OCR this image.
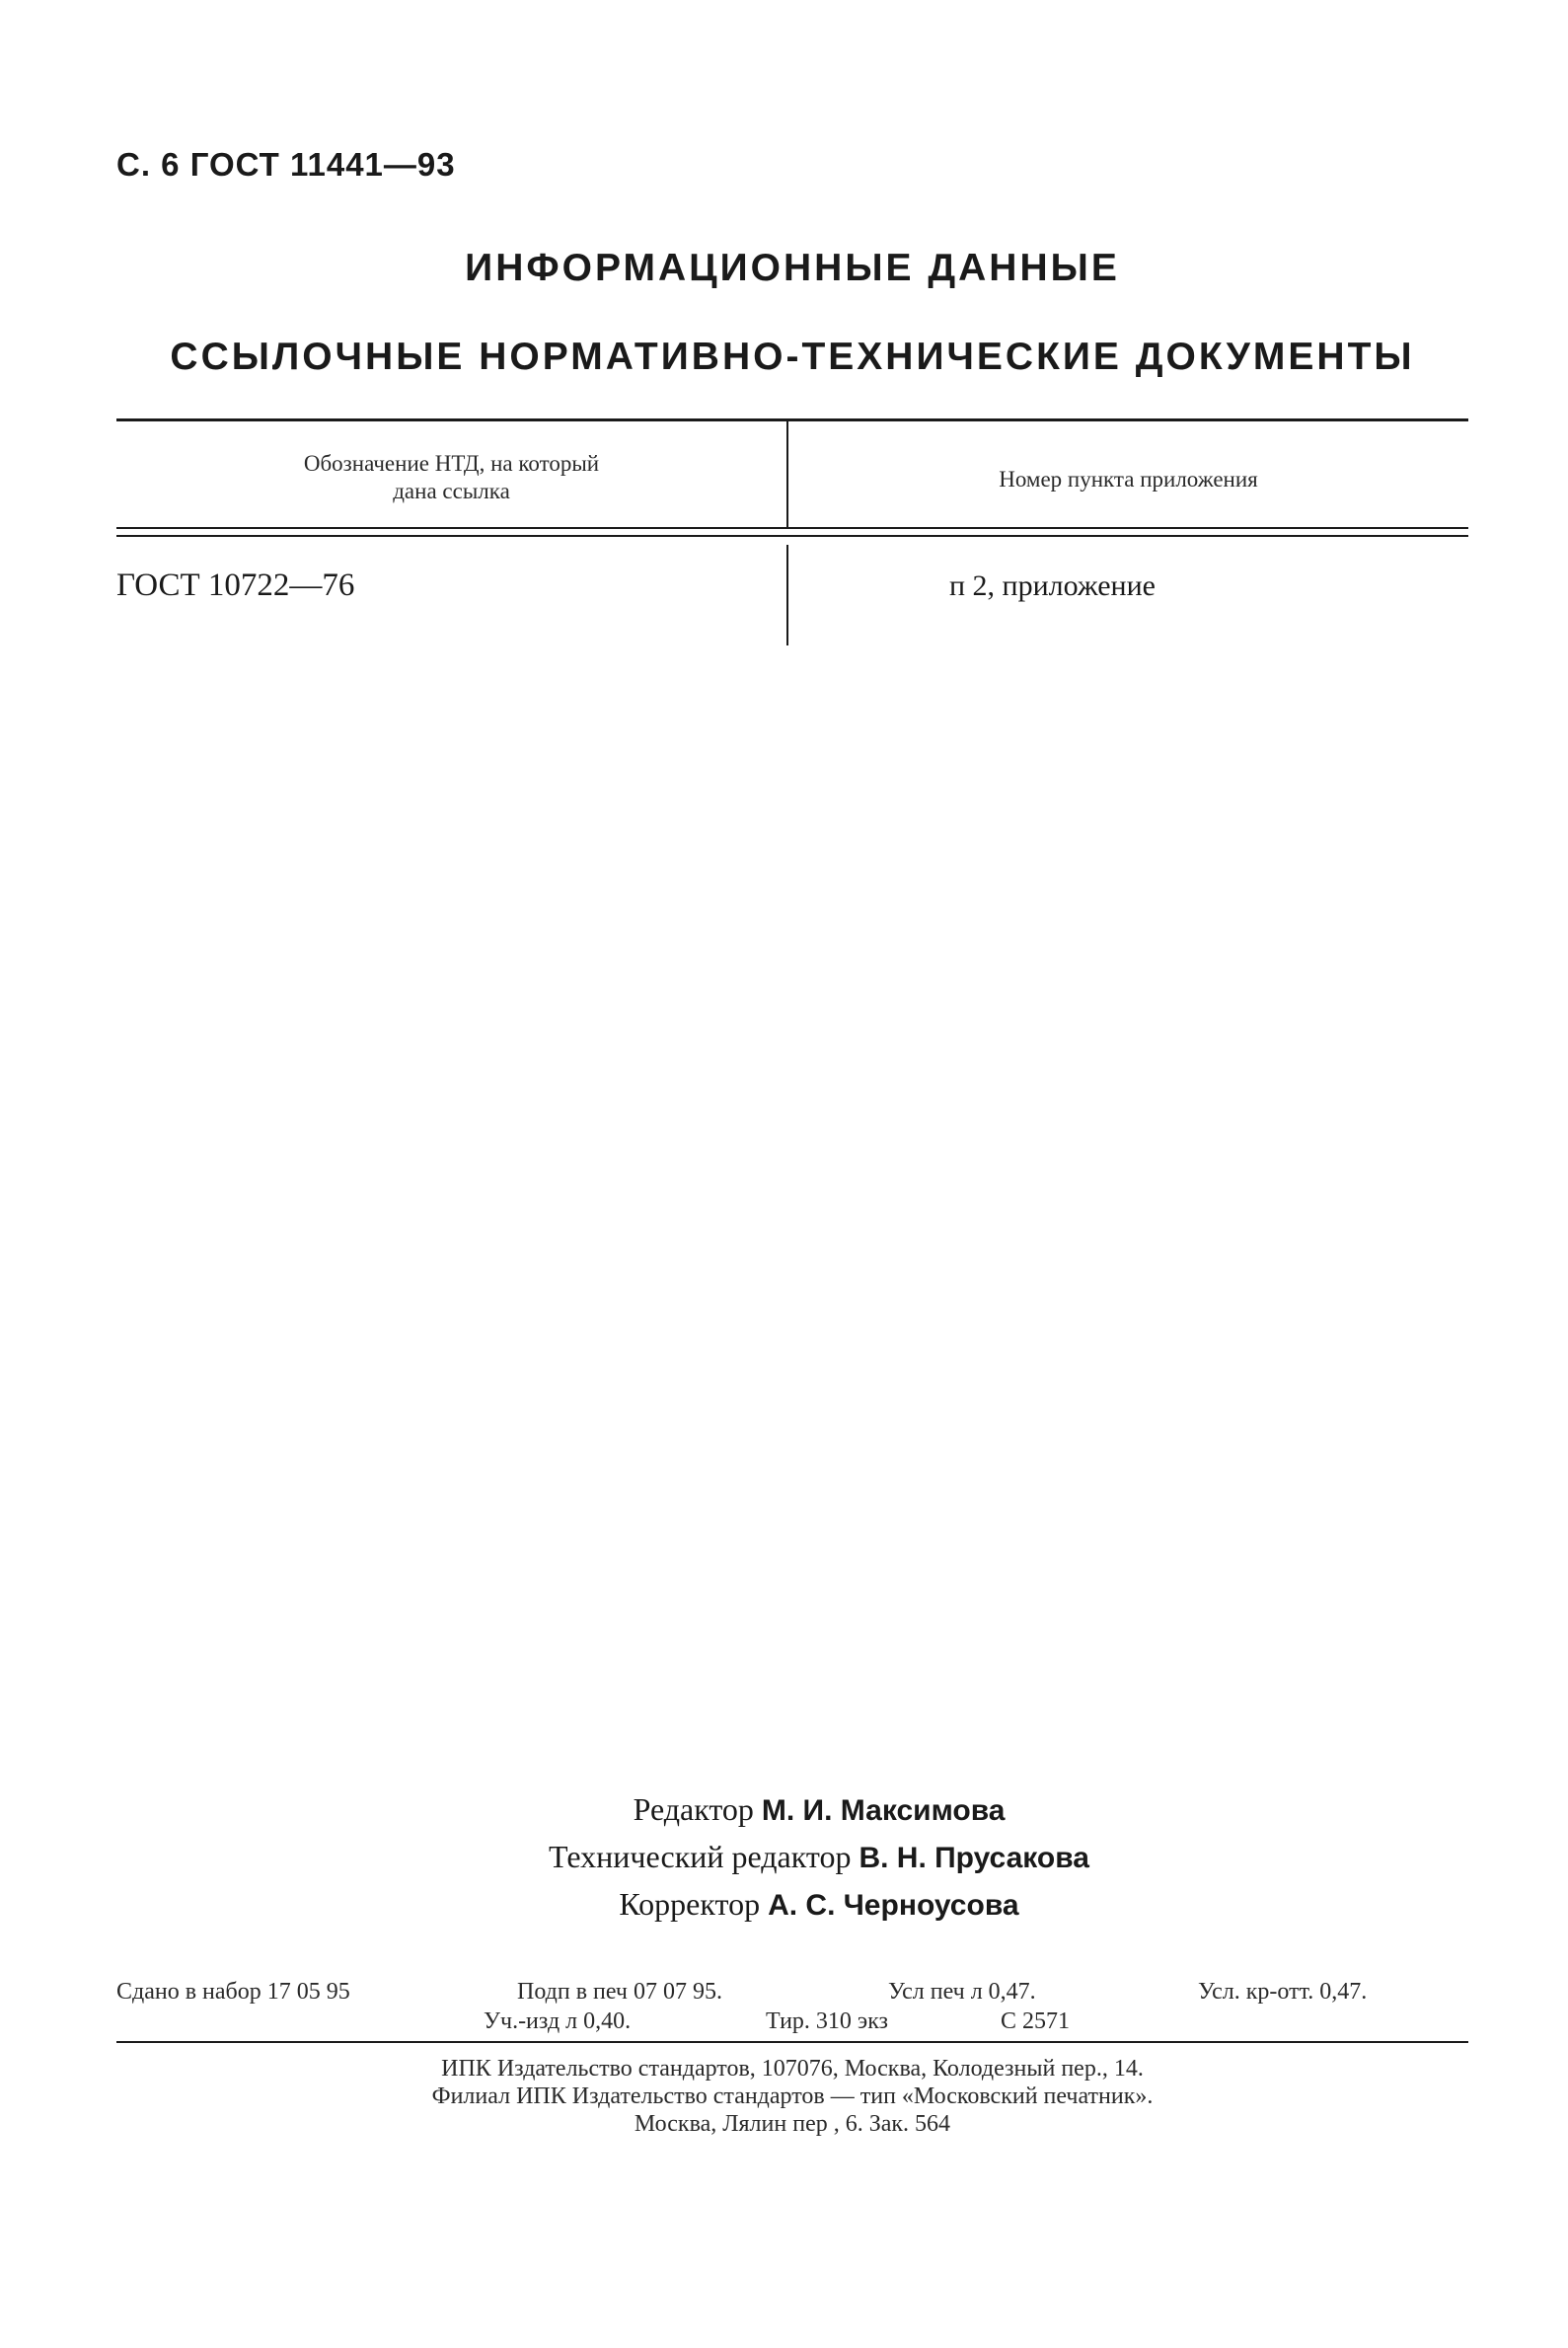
С. 6 ГОСТ 11441—93
ИНФОРМАЦИОННЫЕ ДАННЫЕ
ССЫЛОЧНЫЕ НОРМАТИВНО-ТЕХНИЧЕСКИЕ ДОКУМЕНТЫ
Обозначение НТД, на который
дана ссылка	Номер пункта приложения
ГОСТ 10722—76	п 2, приложение
Редактор М. И. Максимова
Технический редактор В. Н. Прусакова
Корректор А. С. Черноусова
Сдано в набор 17 05 95	Подп в печ 07 07 95.	Усл печ л 0,47.	Усл. кр-отт. 0,47.
Уч.-изд л 0,40.	Тир. 310 экз	С 2571
ИПК Издательство стандартов, 107076, Москва, Колодезный пер., 14.
Филиал ИПК Издательство стандартов — тип «Московский печатник».
Москва, Лялин пер , 6. Зак. 564
